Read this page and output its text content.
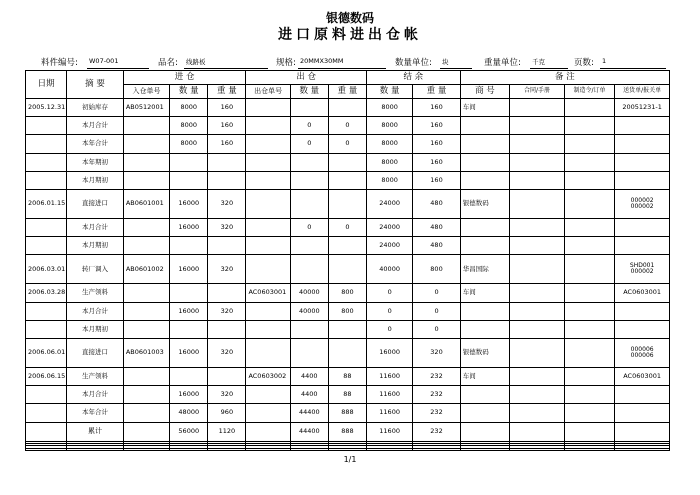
银德数码
进口原料进出仓帐
料件编号:	W07-001	品名:	线路板	规格: 20MMX30MM	数量单位:	块	重量单位:	千克	页数:	1
日期	摘 要	进 仓			出 仓			结 余		备 注			
		入仓单号	数 量	重 量	出仓单号	数 量	重 量	数 量	重 量	商 号	合同/手册	制造令/订单	送货单/报关单
2005.12.31	初始库存	AB0512001	8000	160				8000	160	车间			20051231-1
	本月合计		8000	160		0	0	8000	160				
	本年合计		8000	160		0	0	8000	160				
	本年期初							8000	160				
	本月期初							8000	160				
2006.01.15	直接进口	AB0601001	16000	320				24000	480	银德数码			000002
000002
	本月合计		16000	320		0	0	24000	480				
	本月期初							24000	480				
2006.03.01	转厂调入	AB0601002	16000	320				40000	800	华昌国际			SHD001
000002
2006.03.28	生产领料				AC0603001	40000	800	0	0	车间			AC0603001
	本月合计		16000	320		40000	800	0	0				
	本月期初							0	0				
2006.06.01	直接进口	AB0601003	16000	320				16000	320	银德数码			000006
000006
2006.06.15	生产领料				AC0603002	4400	88	11600	232	车间			AC0603001
	本月合计		16000	320		4400	88	11600	232				
	本年合计		48000	960		44400	888	11600	232				
	累计		56000	1120		44400	888	11600	232				

1/1
